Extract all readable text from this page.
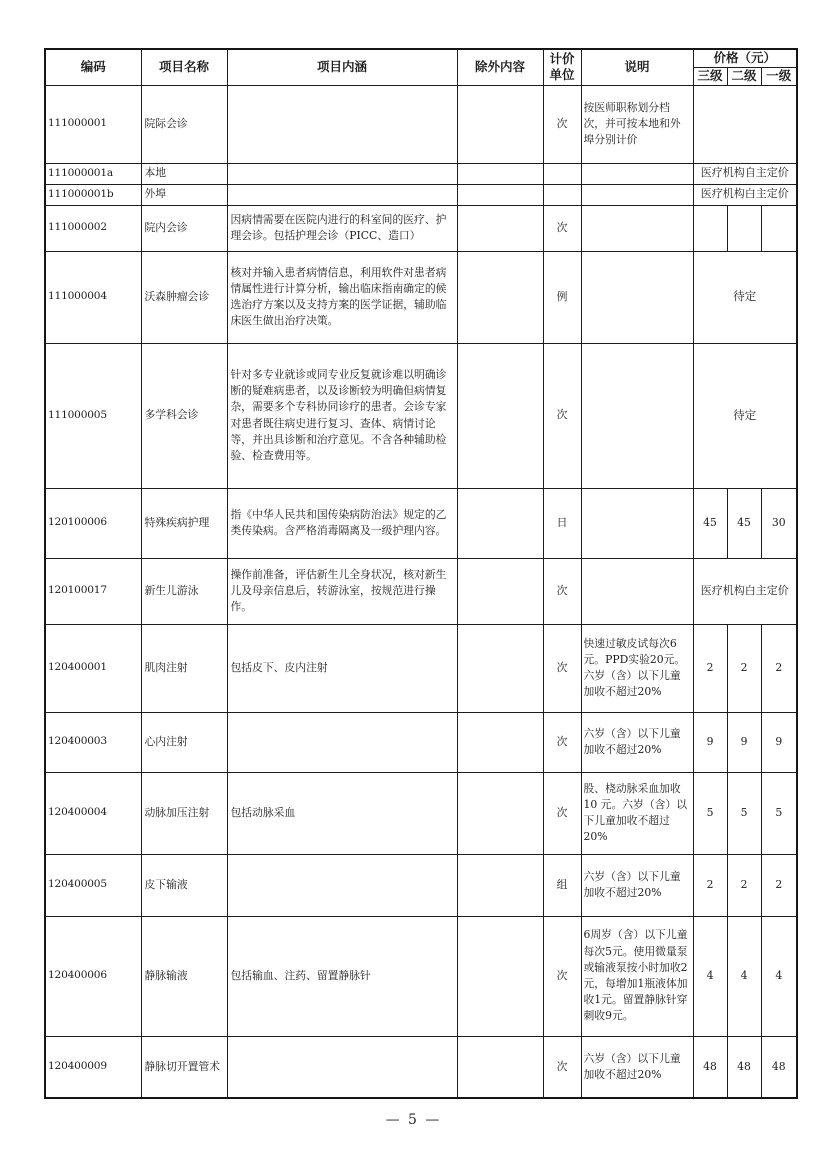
编码	项目名称	项目内涵	除外内容	计价单位	说明	价格（元）		
						三级	二级	一级
111000001	院际会诊			次	按医师职称划分档次，并可按本地和外埠分别计价			
111000001a	本地					医疗机构自主定价		
111000001b	外埠					医疗机构白主定价		
111000002	院内会诊	因病情需要在医院内进行的科室间的医疗、护理会诊。包括护理会诊（PICC、造口）		次				
111000004	沃森肿瘤会诊	核对并输入患者病情信息，利用软件对患者病情属性进行计算分析，输出临床指南确定的候选治疗方案以及支持方案的医学证据，辅助临床医生做出治疗决策。		例		待定		
111000005	多学科会诊	针对多专业就诊或同专业反复就诊难以明确诊断的疑难病患者，以及诊断较为明确但病情复杂，需要多个专科协同诊疗的患者。会诊专家对患者既往病史进行复习、查体、病情讨论等，并出具诊断和治疗意见。不含各种辅助检验、检查费用等。		次		待定		
120100006	特殊疾病护理	指《中华人民共和国传染病防治法》规定的乙类传染病。含严格消毒隔离及一级护理内容。		日		45	45	30
120100017	新生儿游泳	操作前准备，评估新生儿全身状况，核对新生儿及母亲信息后，转游泳室，按规范进行操作。		次		医疗机构白主定价		
120400001	肌肉注射	包括皮下、皮内注射		次	快速过敏皮试每次6元。PPD实验20元。六岁（含）以下儿童加收不超过20%	2	2	2
120400003	心内注射			次	六岁（含）以下儿童加收不超过20%	9	9	9
120400004	动脉加压注射	包括动脉采血		次	股、桡动脉采血加收10 元。六岁（含）以下儿童加收不超过20%	5	5	5
120400005	皮下输液			组	六岁（含）以下儿童加收不超过20%	2	2	2
120400006	静脉输液	包括输血、注药、留置静脉针		次	6周岁（含）以下儿童每次5元。使用微量泵或输液泵按小时加收2元，每增加1瓶液体加收1元。留置静脉针穿刺收9元。	4	4	4
120400009	静脉切开置管术			次	六岁（含）以下儿童加收不超过20%	48	48	48
— 5 —
